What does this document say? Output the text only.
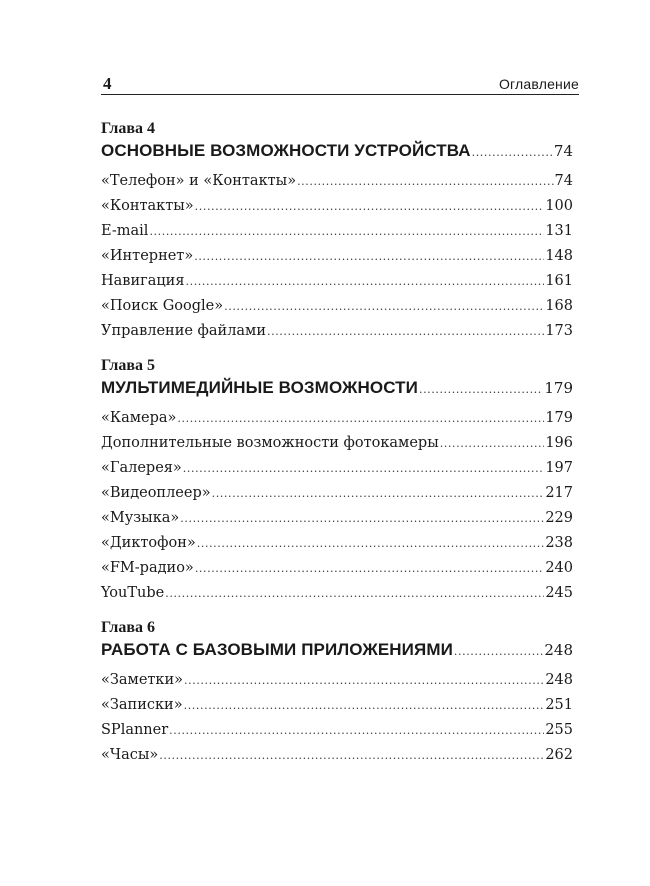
4	Оглавление
Глава 4
ОСНОВНЫЕ ВОЗМОЖНОСТИ УСТРОЙСТВА .....	74
«Телефон» и «Контакты» .....	74
«Контакты» .....	100
E-mail .....	131
«Интернет» .....	148
Навигация .....	161
«Поиск Google» .....	168
Управление файлами .....	173
Глава 5
МУЛЬТИМЕДИЙНЫЕ ВОЗМОЖНОСТИ .....	179
«Камера» .....	179
Дополнительные возможности фотокамеры .....	196
«Галерея» .....	197
«Видеоплеер» .....	217
«Музыка» .....	229
«Диктофон» .....	238
«FM-радио» .....	240
YouTube .....	245
Глава 6
РАБОТА С БАЗОВЫМИ ПРИЛОЖЕНИЯМИ .....	248
«Заметки» .....	248
«Записки» .....	251
SPlanner .....	255
«Часы» .....	262
